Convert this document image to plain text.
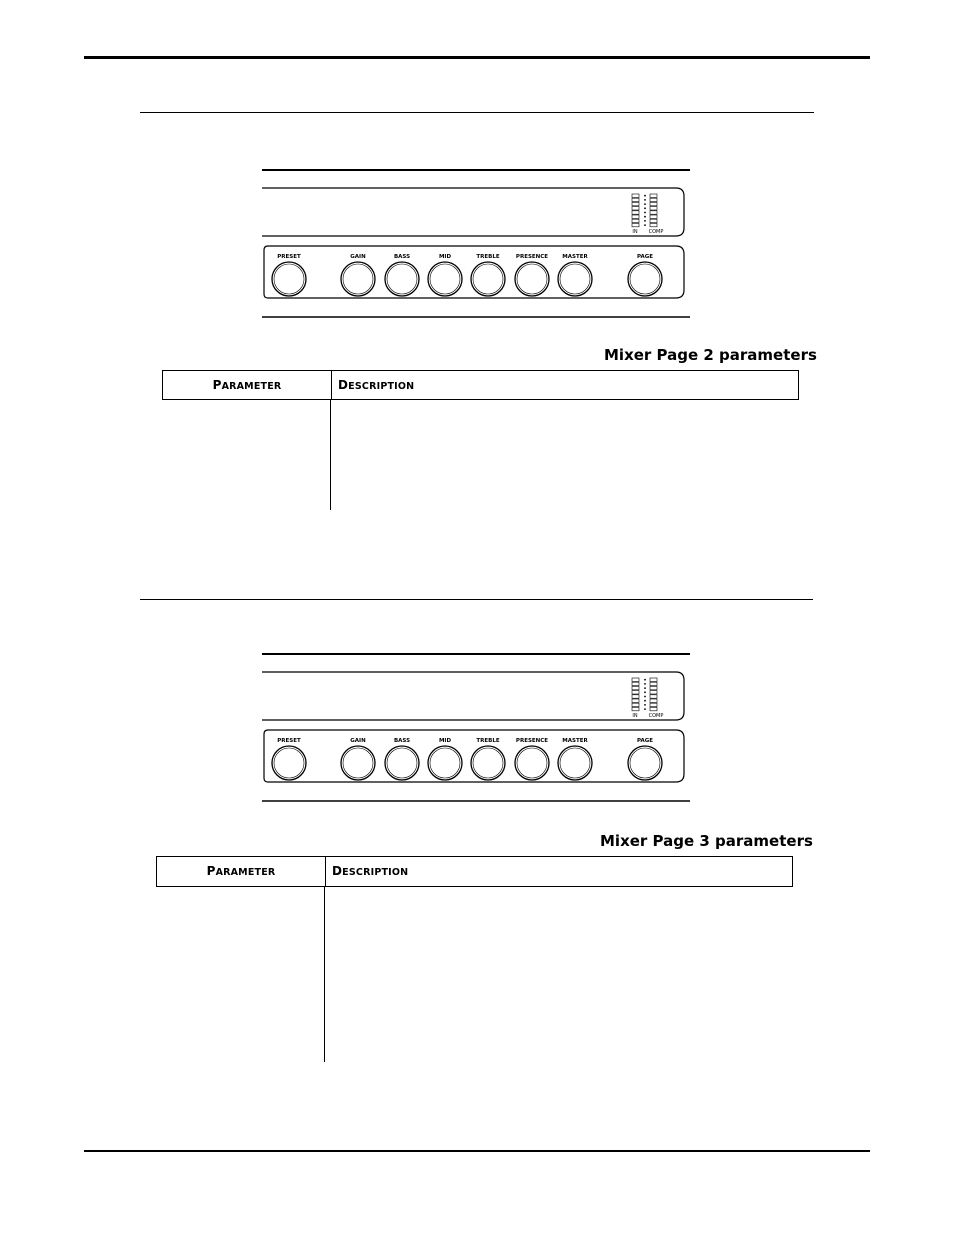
IN COMP
PRESET	GAIN	BASS	MID	TREBLE	PRESENCE	MASTER	PAGE
Mixer Page 2 parameters
PARAMETER	DESCRIPTION
IN COMP
PRESET	GAIN	BASS	MID	TREBLE	PRESENCE	MASTER	PAGE
Mixer Page 3 parameters
PARAMETER	DESCRIPTION
